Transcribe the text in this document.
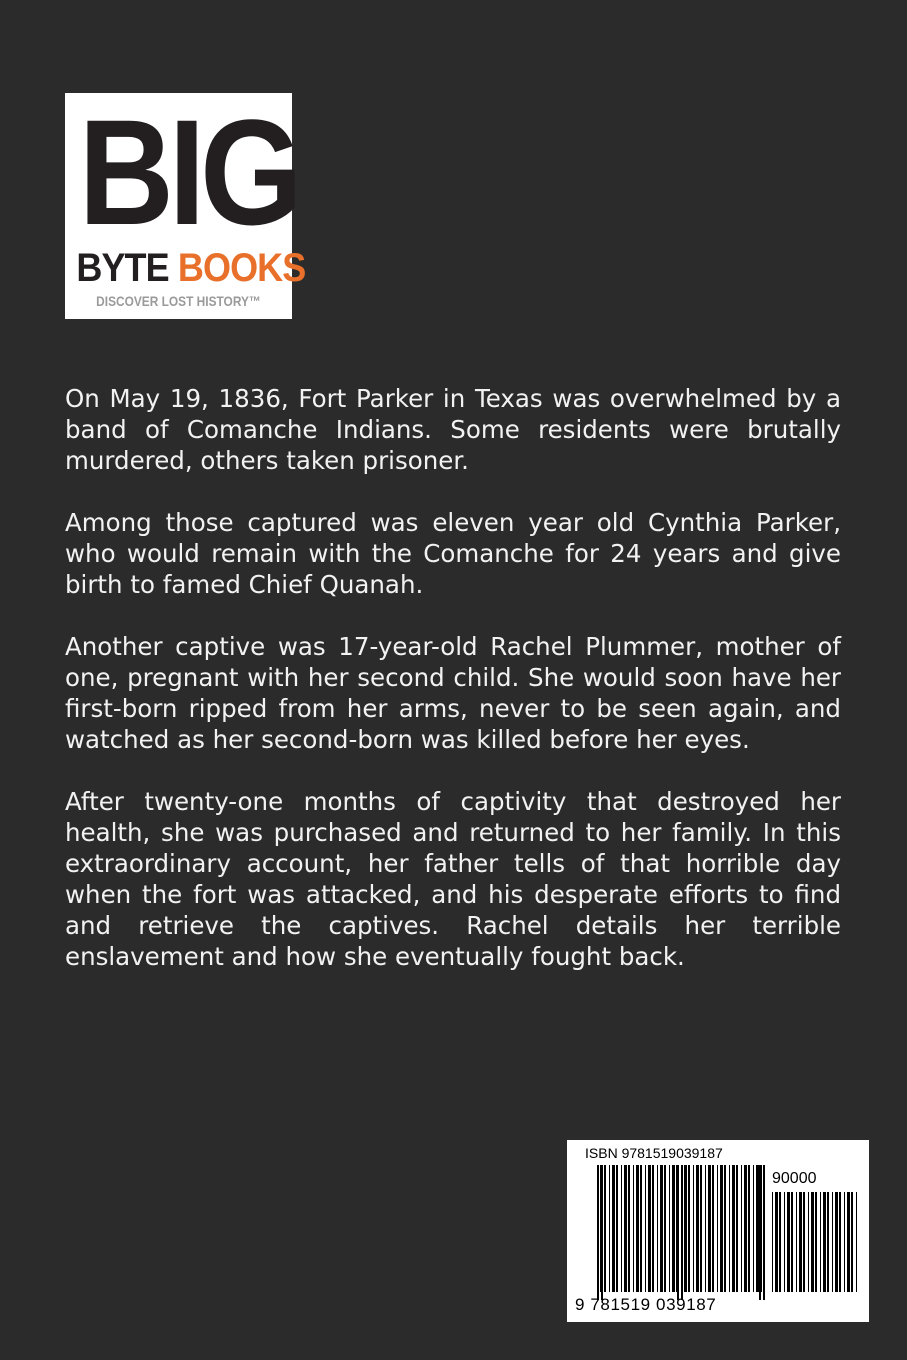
BIG
BYTE BOOKS
DISCOVER LOST HISTORY™

On May 19, 1836, Fort Parker in Texas was overwhelmed by a band of Comanche Indians. Some residents were brutally murdered, others taken prisoner.

Among those captured was eleven year old Cynthia Parker, who would remain with the Comanche for 24 years and give birth to famed Chief Quanah.

Another captive was 17-year-old Rachel Plummer, mother of one, pregnant with her second child. She would soon have her first-born ripped from her arms, never to be seen again, and watched as her second-born was killed before her eyes.

After twenty-one months of captivity that destroyed her health, she was purchased and returned to her family. In this extraordinary account, her father tells of that horrible day when the fort was attacked, and his desperate efforts to find and retrieve the captives. Rachel details her terrible enslavement and how she eventually fought back.

ISBN 9781519039187
90000
9 781519 039187
